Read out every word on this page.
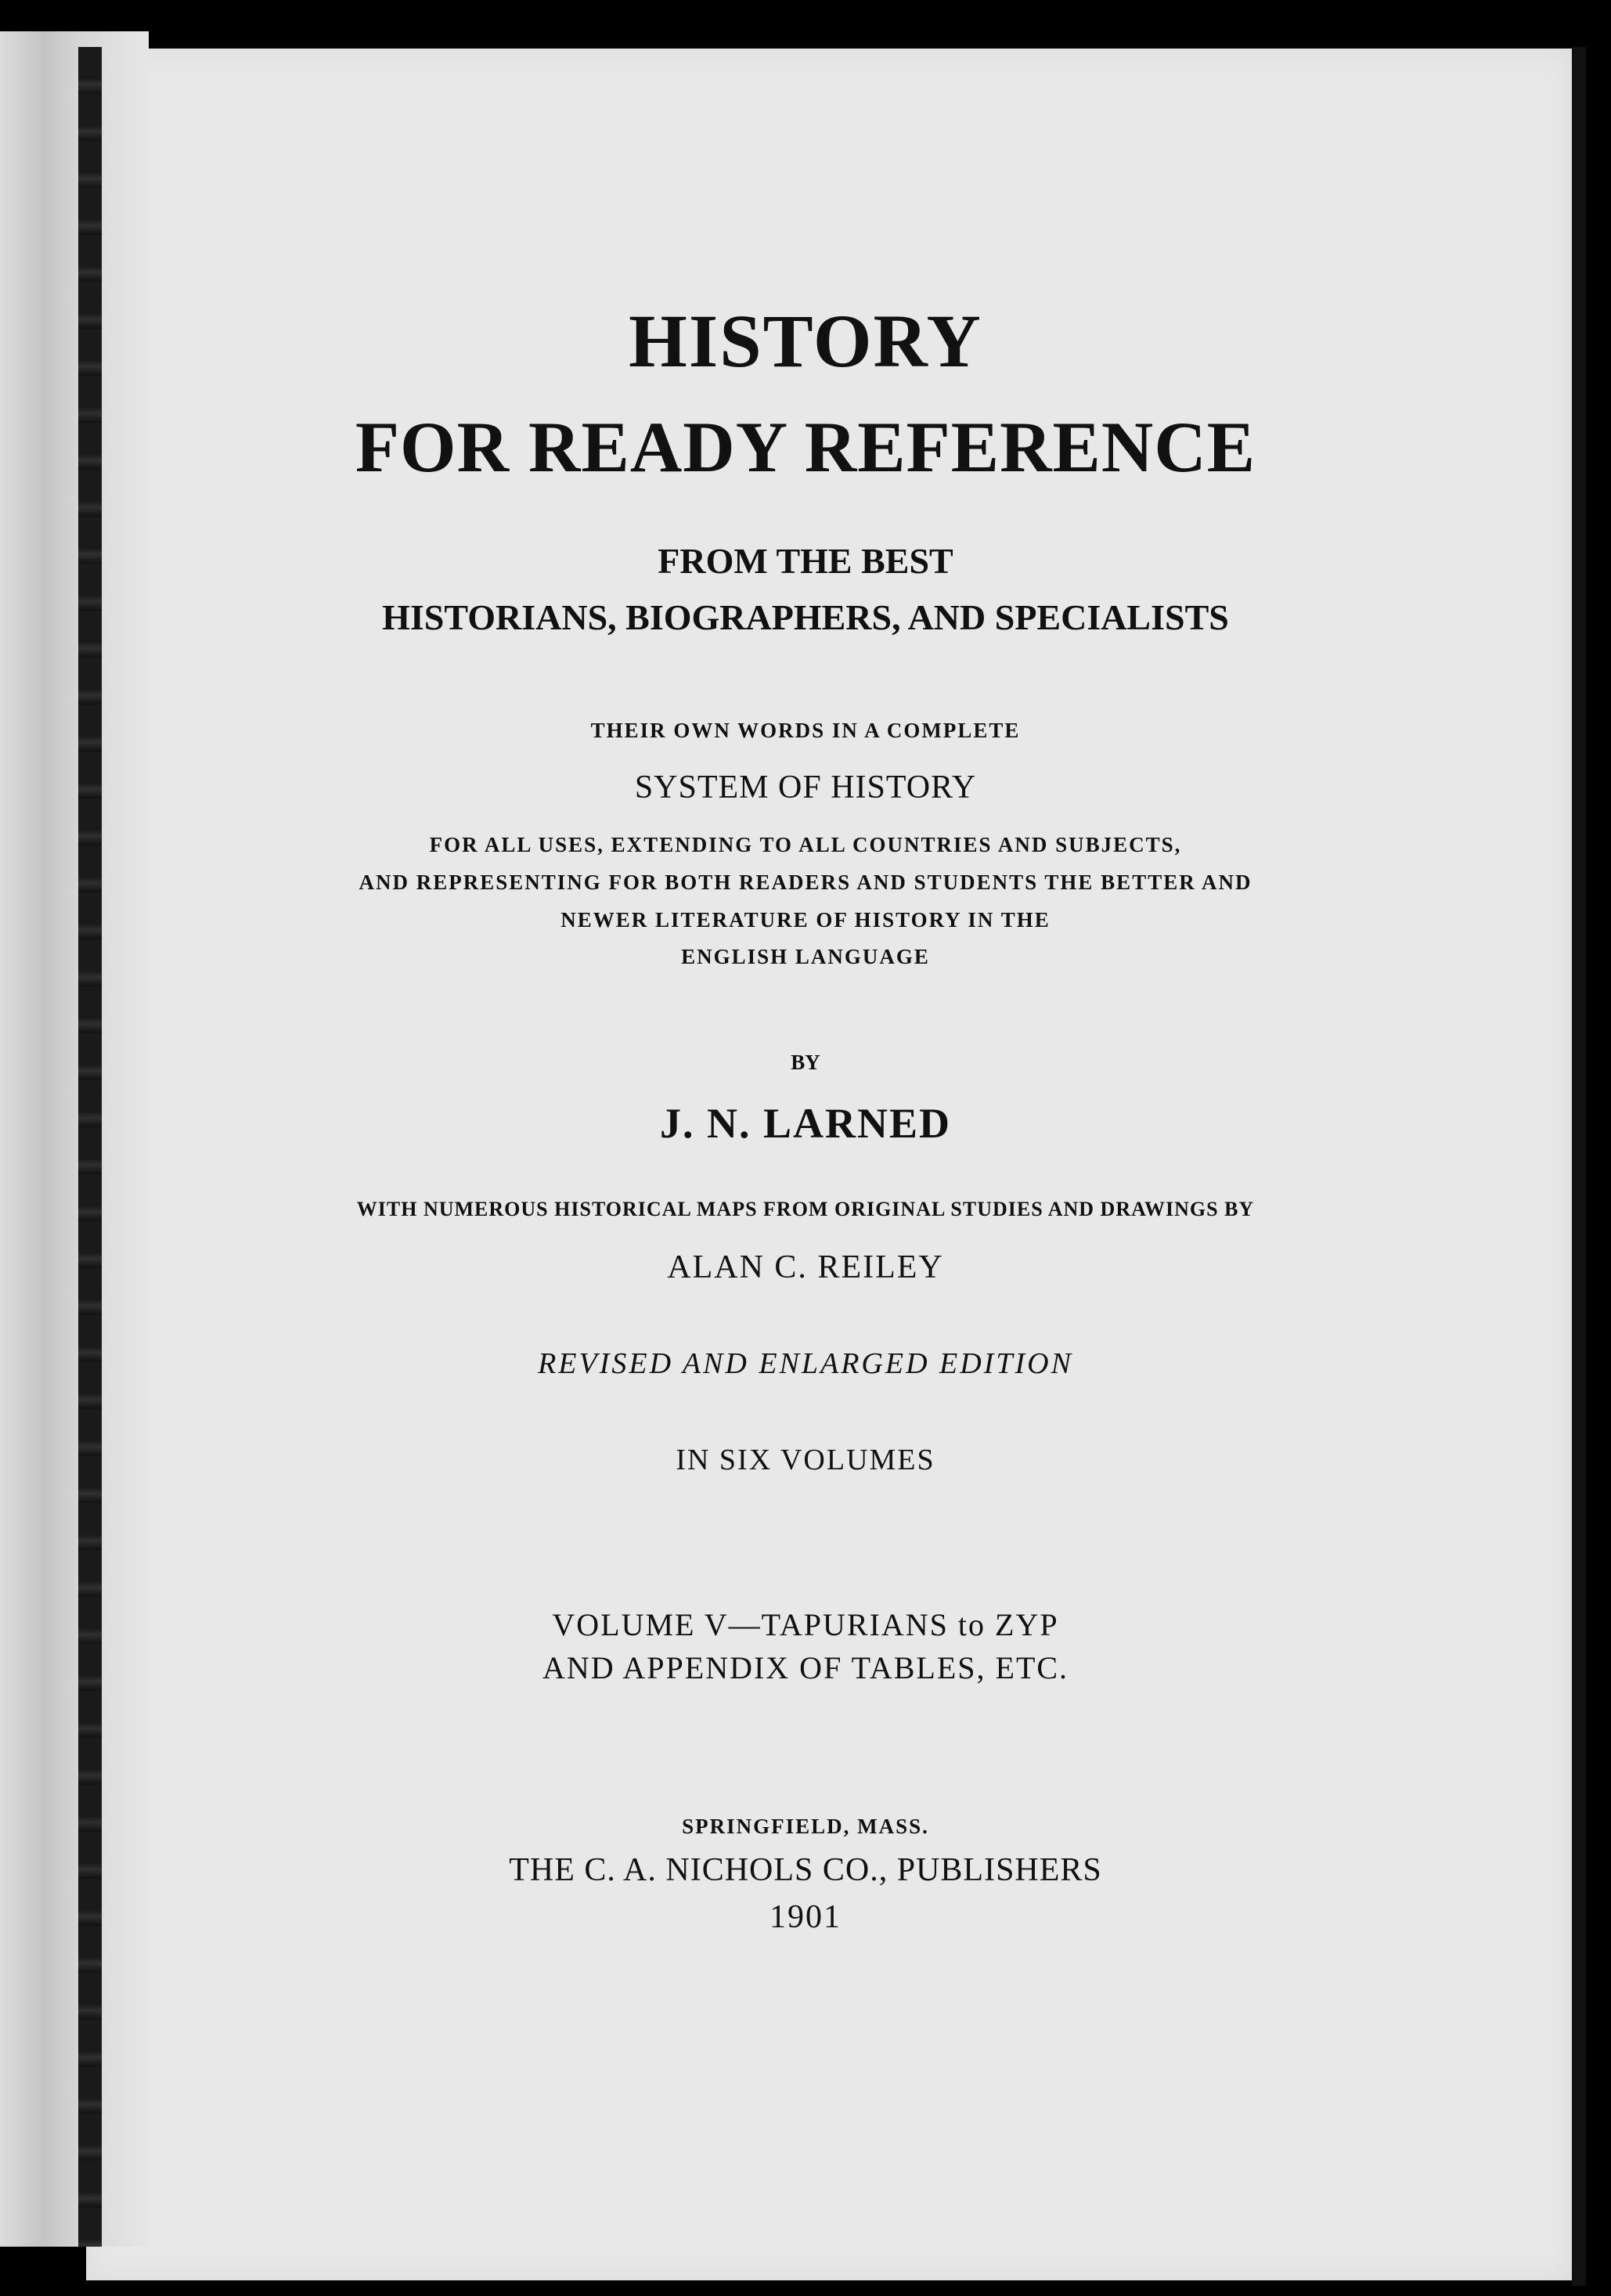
HISTORY
FOR READY REFERENCE
FROM THE BEST
HISTORIANS, BIOGRAPHERS, AND SPECIALISTS
THEIR OWN WORDS IN A COMPLETE
SYSTEM OF HISTORY
FOR ALL USES, EXTENDING TO ALL COUNTRIES AND SUBJECTS,
AND REPRESENTING FOR BOTH READERS AND STUDENTS THE BETTER AND
NEWER LITERATURE OF HISTORY IN THE
ENGLISH LANGUAGE
BY
J. N. LARNED
WITH NUMEROUS HISTORICAL MAPS FROM ORIGINAL STUDIES AND DRAWINGS BY
ALAN C. REILEY
REVISED AND ENLARGED EDITION
IN SIX VOLUMES
VOLUME V—TAPURIANS to ZYP
AND APPENDIX OF TABLES, ETC.
SPRINGFIELD, MASS.
THE C. A. NICHOLS CO., PUBLISHERS
1901
